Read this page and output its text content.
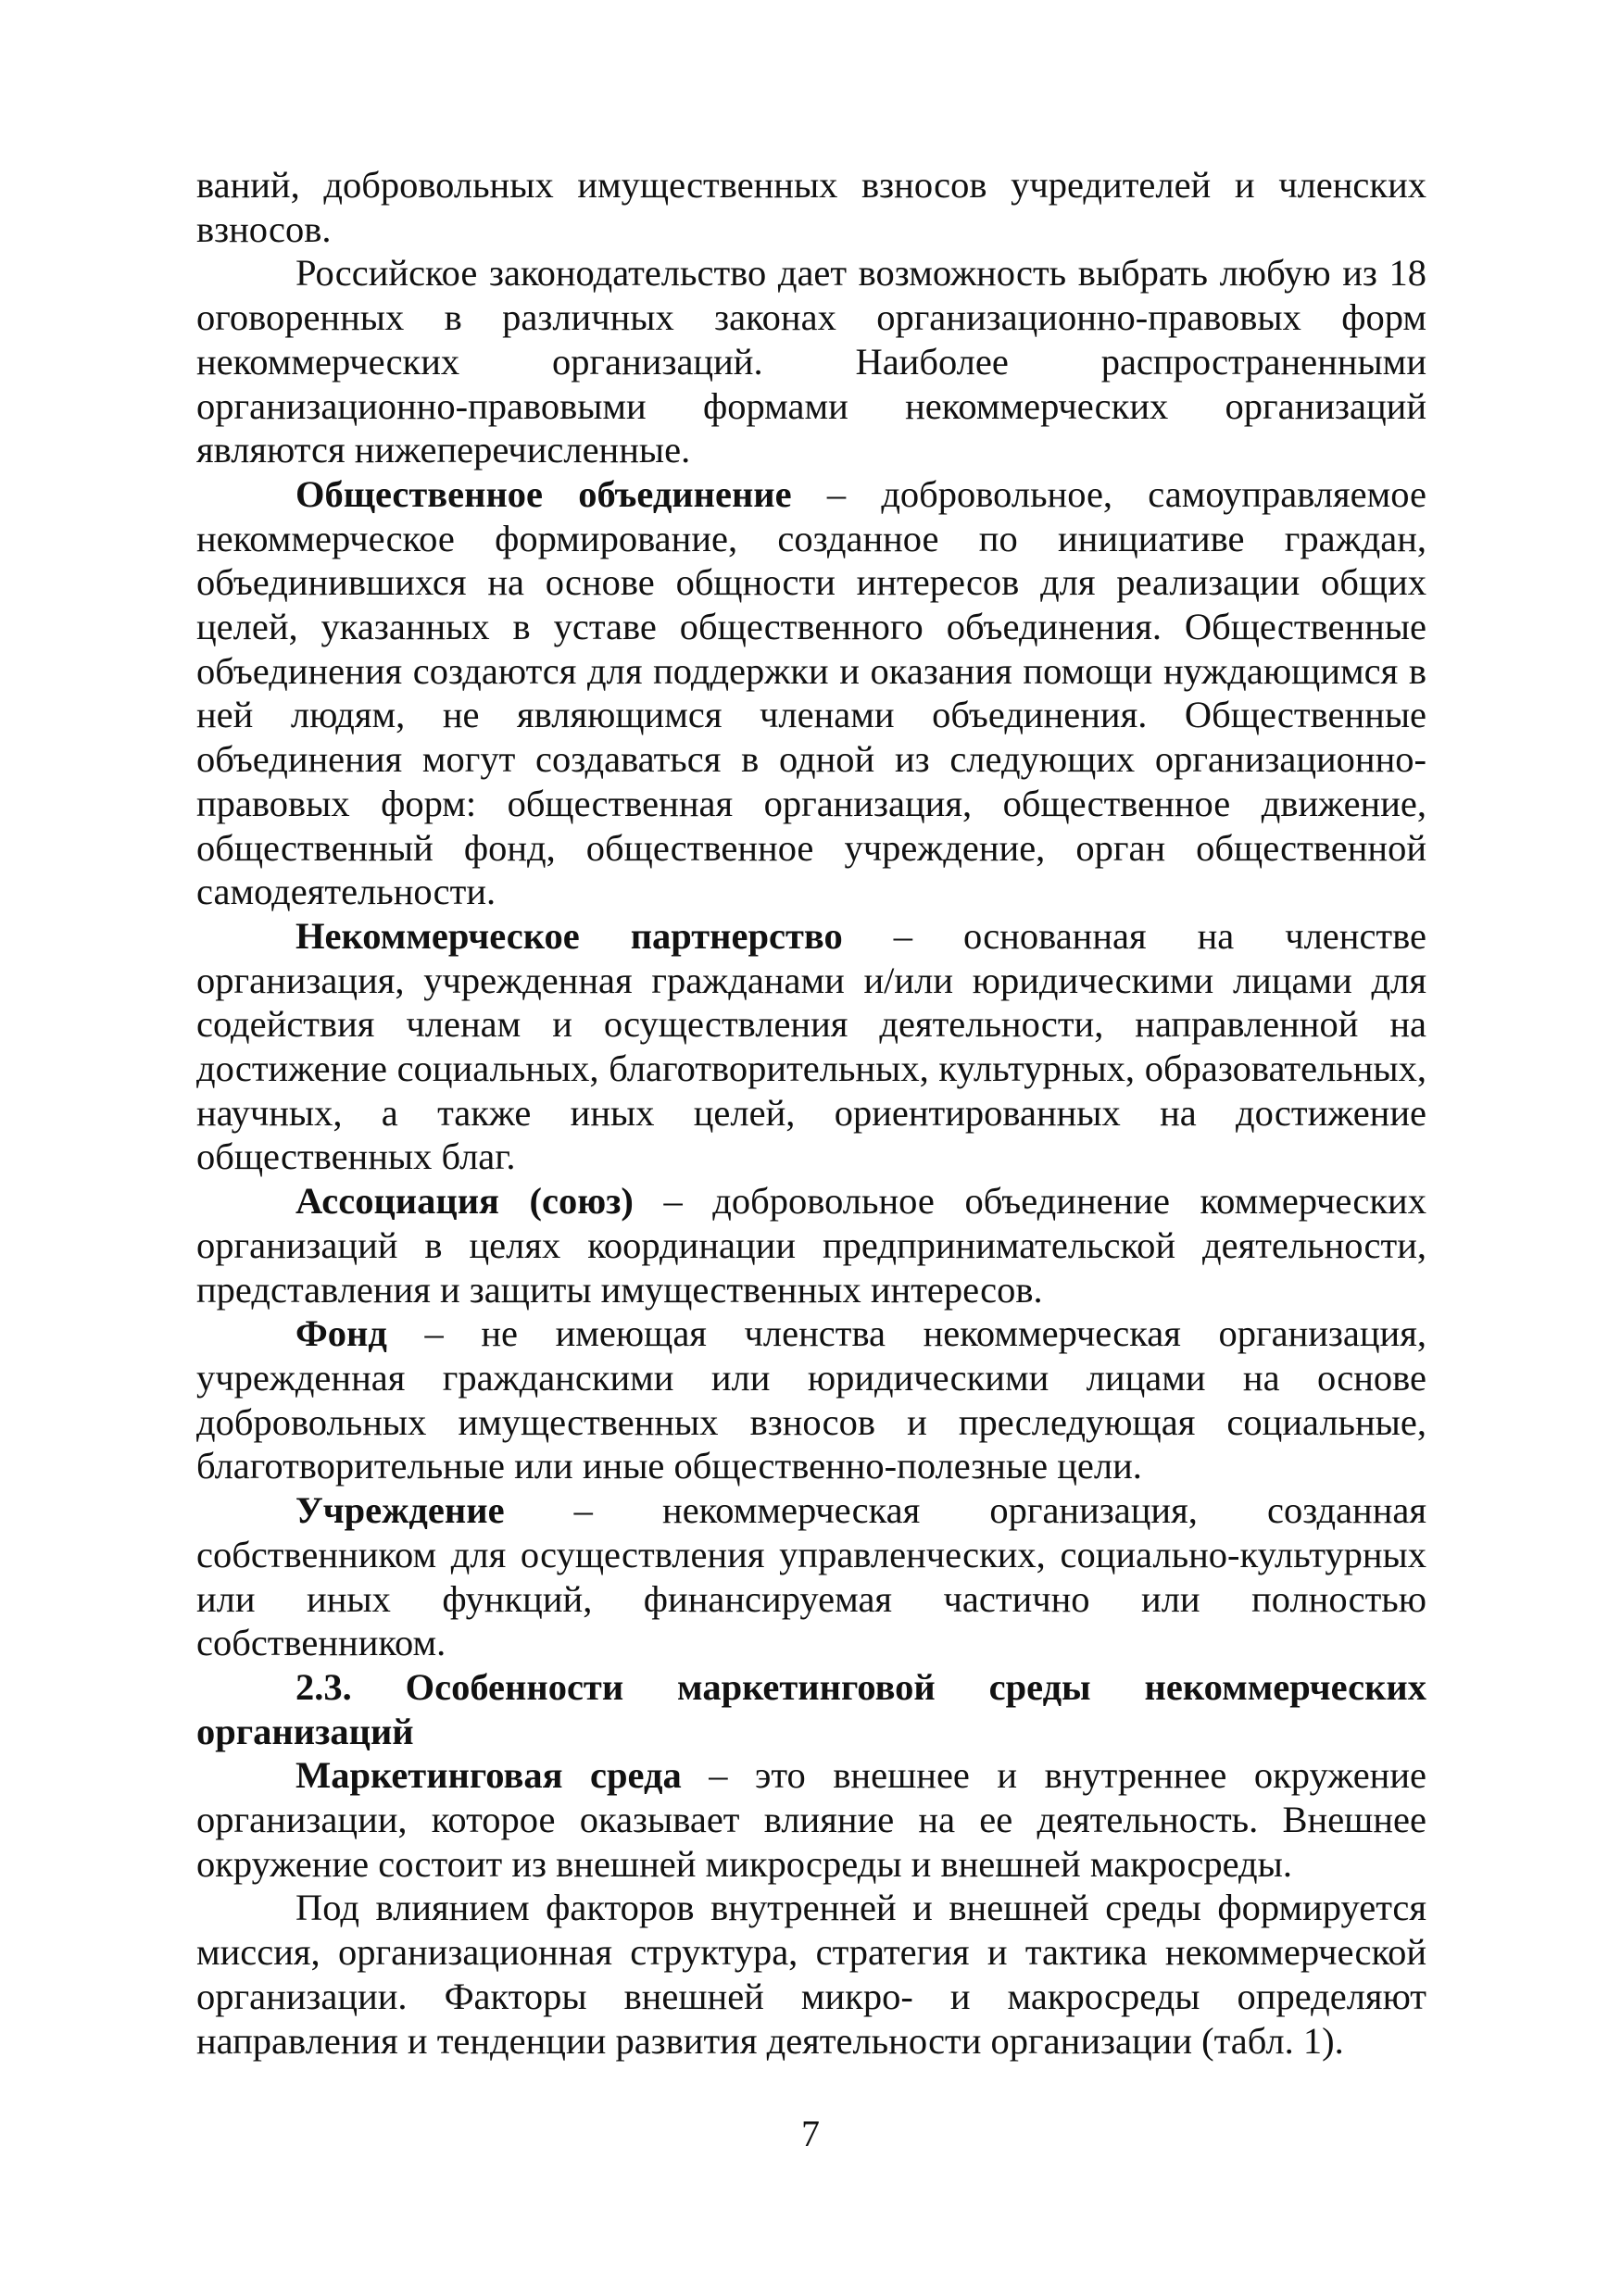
ваний, добровольных имущественных взносов учредителей и членских взносов.

Российское законодательство дает возможность выбрать любую из 18 оговоренных в различных законах организационно-правовых форм некоммерческих организаций. Наиболее распространенными организационно-правовыми формами некоммерческих организаций являются нижеперечисленные.

Общественное объединение – добровольное, самоуправляемое некоммерческое формирование, созданное по инициативе граждан, объединившихся на основе общности интересов для реализации общих целей, указанных в уставе общественного объединения. Общественные объединения создаются для поддержки и оказания помощи нуждающимся в ней людям, не являющимся членами объединения. Общественные объединения могут создаваться в одной из следующих организационно-правовых форм: общественная организация, общественное движение, общественный фонд, общественное учреждение, орган общественной самодеятельности.

Некоммерческое партнерство – основанная на членстве организация, учрежденная гражданами и/или юридическими лицами для содействия членам и осуществления деятельности, направленной на достижение социальных, благотворительных, культурных, образовательных, научных, а также иных целей, ориентированных на достижение общественных благ.

Ассоциация (союз) – добровольное объединение коммерческих организаций в целях координации предпринимательской деятельности, представления и защиты имущественных интересов.

Фонд – не имеющая членства некоммерческая организация, учрежденная гражданскими или юридическими лицами на основе добровольных имущественных взносов и преследующая социальные, благотворительные или иные общественно-полезные цели.

Учреждение – некоммерческая организация, созданная собственником для осуществления управленческих, социально-культурных или иных функций, финансируемая частично или полностью собственником.

2.3. Особенности маркетинговой среды некоммерческих организаций

Маркетинговая среда – это внешнее и внутреннее окружение организации, которое оказывает влияние на ее деятельность. Внешнее окружение состоит из внешней микросреды и внешней макросреды.

Под влиянием факторов внутренней и внешней среды формируется миссия, организационная структура, стратегия и тактика некоммерческой организации. Факторы внешней микро- и макросреды определяют направления и тенденции развития деятельности организации (табл. 1).

7
